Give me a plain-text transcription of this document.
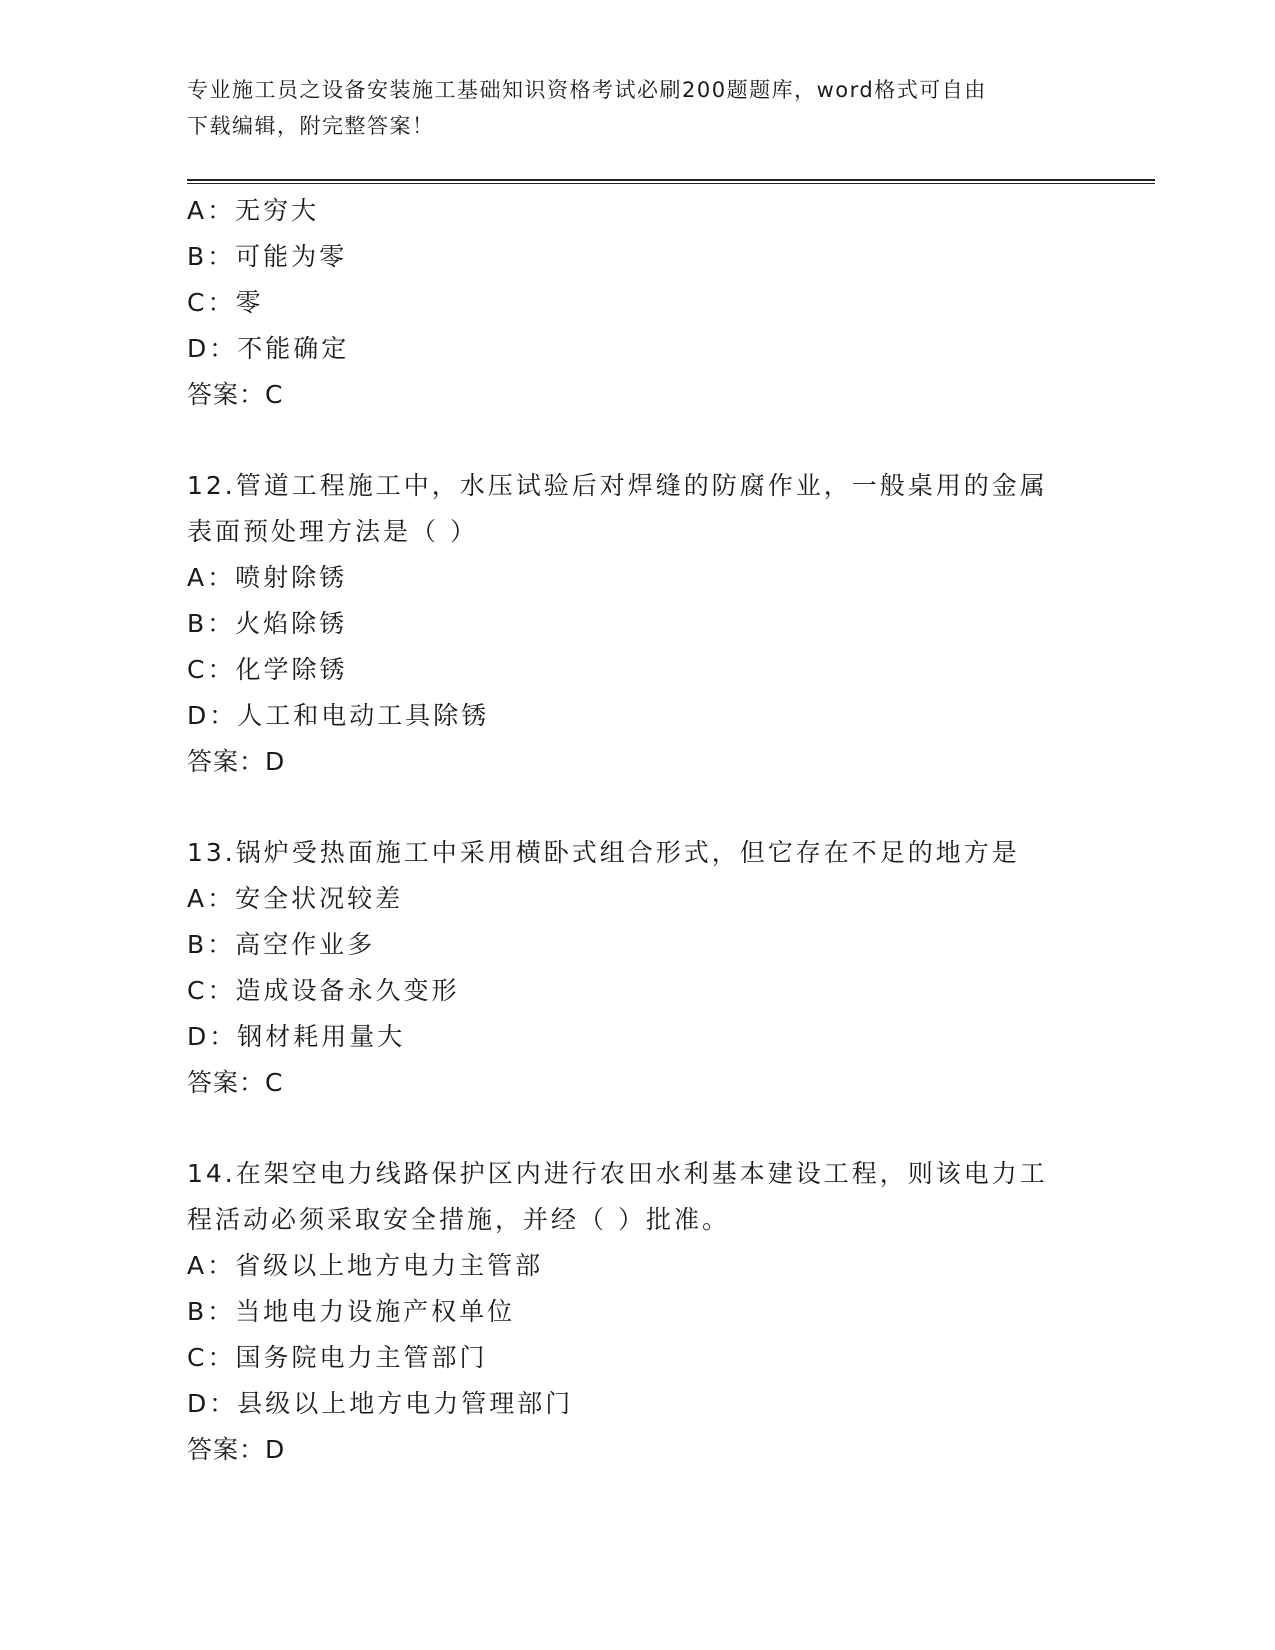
专业施工员之设备安装施工基础知识资格考试必刷200题题库，word格式可自由
下载编辑，附完整答案！
A：无穷大
B：可能为零
C：零
D：不能确定
答案：C
12.管道工程施工中，水压试验后对焊缝的防腐作业，一般桌用的金属
表面预处理方法是（ ）
A：喷射除锈
B：火焰除锈
C：化学除锈
D：人工和电动工具除锈
答案：D
13.锅炉受热面施工中采用横卧式组合形式，但它存在不足的地方是
A：安全状况较差
B：高空作业多
C：造成设备永久变形
D：钢材耗用量大
答案：C
14.在架空电力线路保护区内进行农田水利基本建设工程，则该电力工
程活动必须采取安全措施，并经（ ）批准。
A：省级以上地方电力主管部
B：当地电力设施产权单位
C：国务院电力主管部门
D：县级以上地方电力管理部门
答案：D
